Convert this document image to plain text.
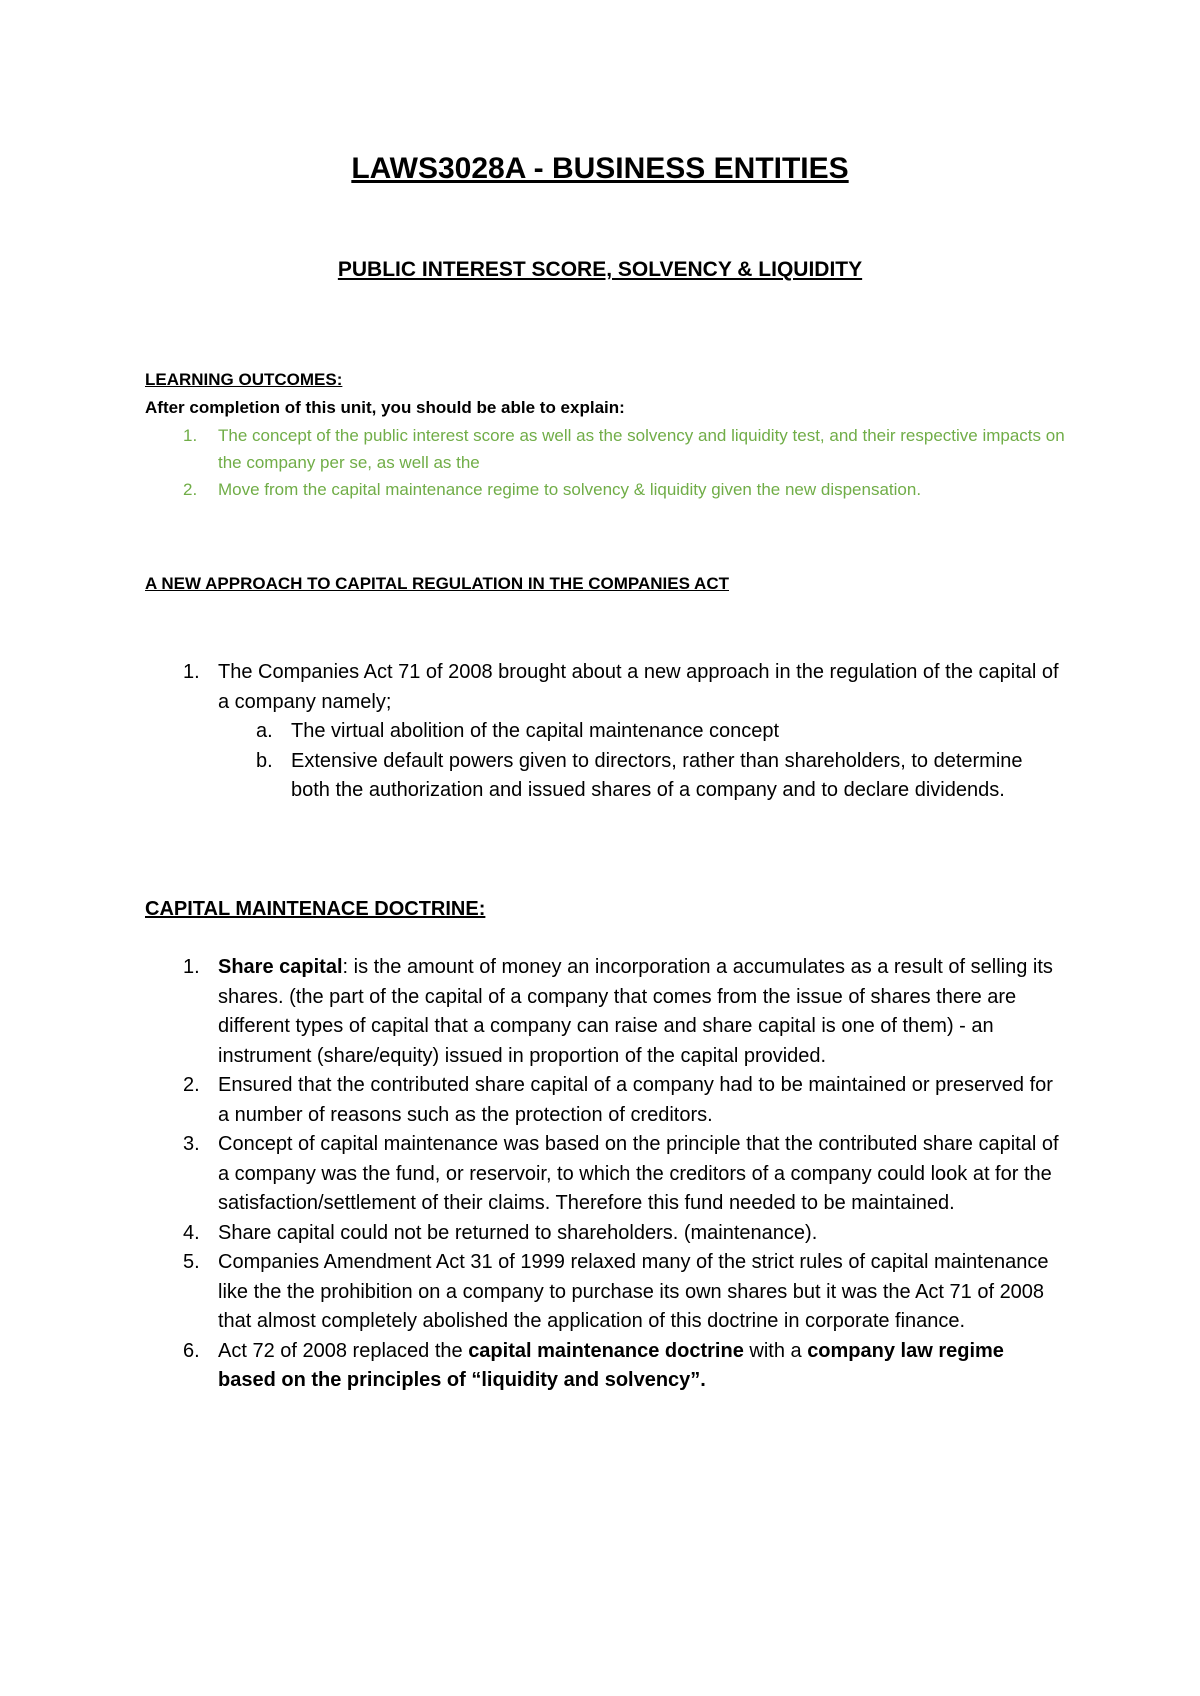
LAWS3028A - BUSINESS ENTITIES
PUBLIC INTEREST SCORE, SOLVENCY & LIQUIDITY
LEARNING OUTCOMES:
After completion of this unit, you should be able to explain:
1. The concept of the public interest score as well as the solvency and liquidity test, and their respective impacts on the company per se, as well as the
2. Move from the capital maintenance regime to solvency & liquidity given the new dispensation.
A NEW APPROACH TO CAPITAL REGULATION IN THE COMPANIES ACT
1. The Companies Act 71 of 2008 brought about a new approach in the regulation of the capital of a company namely;
a. The virtual abolition of the capital maintenance concept
b. Extensive default powers given to directors, rather than shareholders, to determine both the authorization and issued shares of a company and to declare dividends.
CAPITAL MAINTENACE DOCTRINE:
1. Share capital: is the amount of money an incorporation a accumulates as a result of selling its shares. (the part of the capital of a company that comes from the issue of shares there are different types of capital that a company can raise and share capital is one of them) - an instrument (share/equity) issued in proportion of the capital provided.
2. Ensured that the contributed share capital of a company had to be maintained or preserved for a number of reasons such as the protection of creditors.
3. Concept of capital maintenance was based on the principle that the contributed share capital of a company was the fund, or reservoir, to which the creditors of a company could look at for the satisfaction/settlement of their claims. Therefore this fund needed to be maintained.
4. Share capital could not be returned to shareholders. (maintenance).
5. Companies Amendment Act 31 of 1999 relaxed many of the strict rules of capital maintenance like the the prohibition on a company to purchase its own shares but it was the Act 71 of 2008 that almost completely abolished the application of this doctrine in corporate finance.
6. Act 72 of 2008 replaced the capital maintenance doctrine with a company law regime based on the principles of “liquidity and solvency”.
